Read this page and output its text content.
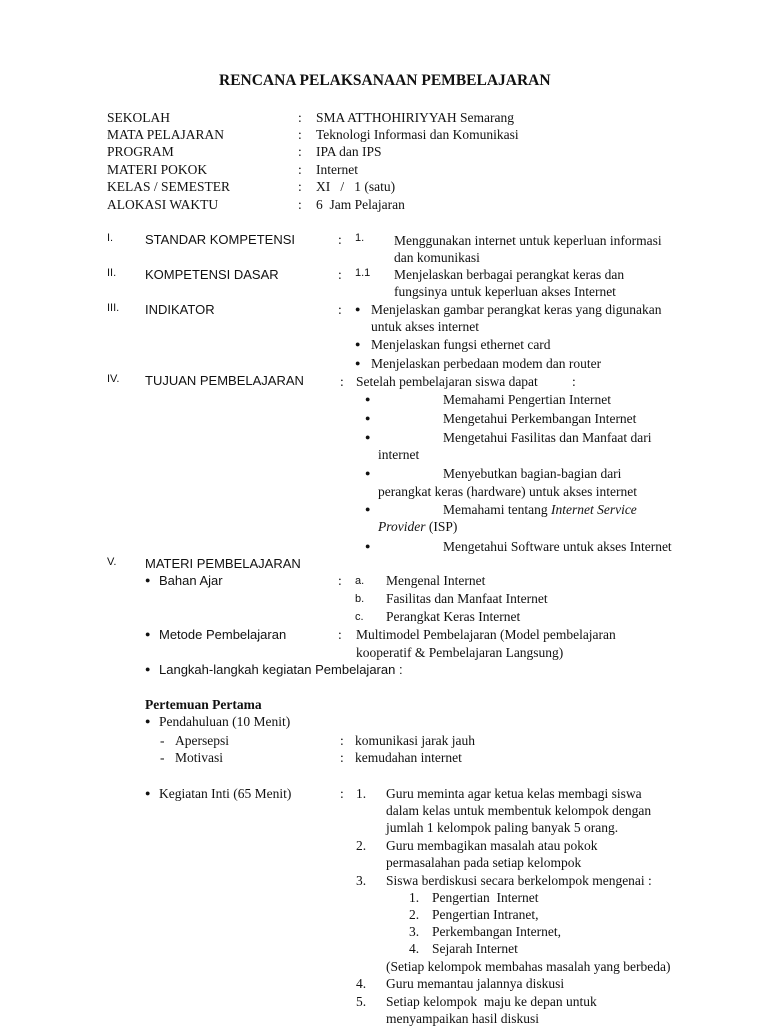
RENCANA PELAKSANAAN PEMBELAJARAN
SEKOLAH	: SMA ATTHOHIRIYYAH Semarang
MATA PELAJARAN	: Teknologi Informasi dan Komunikasi
PROGRAM	: IPA dan IPS
MATERI POKOK	: Internet
KELAS / SEMESTER	: XI   /   1 (satu)
ALOKASI WAKTU	: 6  Jam Pelajaran
I. STANDAR KOMPETENSI	: 1. Menggunakan internet untuk keperluan informasi
dan komunikasi
II. KOMPETENSI DASAR	: 1.1 Menjelaskan berbagai perangkat keras dan
fungsinya untuk keperluan akses Internet
III. INDIKATOR	:
●	Menjelaskan gambar perangkat keras yang digunakan
untuk akses internet
● Menjelaskan fungsi ethernet card
● Menjelaskan perbedaan modem dan router
IV. TUJUAN PEMBELAJARAN	: Setelah pembelajaran siswa dapat	:
● Memahami Pengertian Internet
● Mengetahui Perkembangan Internet
● Mengetahui Fasilitas dan Manfaat dari
internet
● Menyebutkan bagian-bagian dari
perangkat keras (hardware) untuk akses internet
● Memahami tentang Internet Service
Provider (ISP)
● Mengetahui Software untuk akses Internet
V. MATERI PEMBELAJARAN
● Bahan Ajar	: a. Mengenal Internet
b. Fasilitas dan Manfaat Internet
c. Perangkat Keras Internet
● Metode Pembelajaran	: Multimodel Pembelajaran (Model pembelajaran
kooperatif & Pembelajaran Langsung)
● Langkah-langkah kegiatan Pembelajaran :
Pertemuan Pertama
● Pendahuluan (10 Menit)
- Apersepsi	: komunikasi jarak jauh
- Motivasi	: kemudahan internet
● Kegiatan Inti (65 Menit)	: 1. Guru meminta agar ketua kelas membagi siswa
dalam kelas untuk membentuk kelompok dengan
jumlah 1 kelompok paling banyak 5 orang.
2. Guru membagikan masalah atau pokok
permasalahan pada setiap kelompok
3. Siswa berdiskusi secara berkelompok mengenai :
1. Pengertian  Internet
2. Pengertian Intranet,
3. Perkembangan Internet,
4. Sejarah Internet
(Setiap kelompok membahas masalah yang berbeda)
4. Guru memantau jalannya diskusi
5. Setiap kelompok  maju ke depan untuk
menyampaikan hasil diskusi
